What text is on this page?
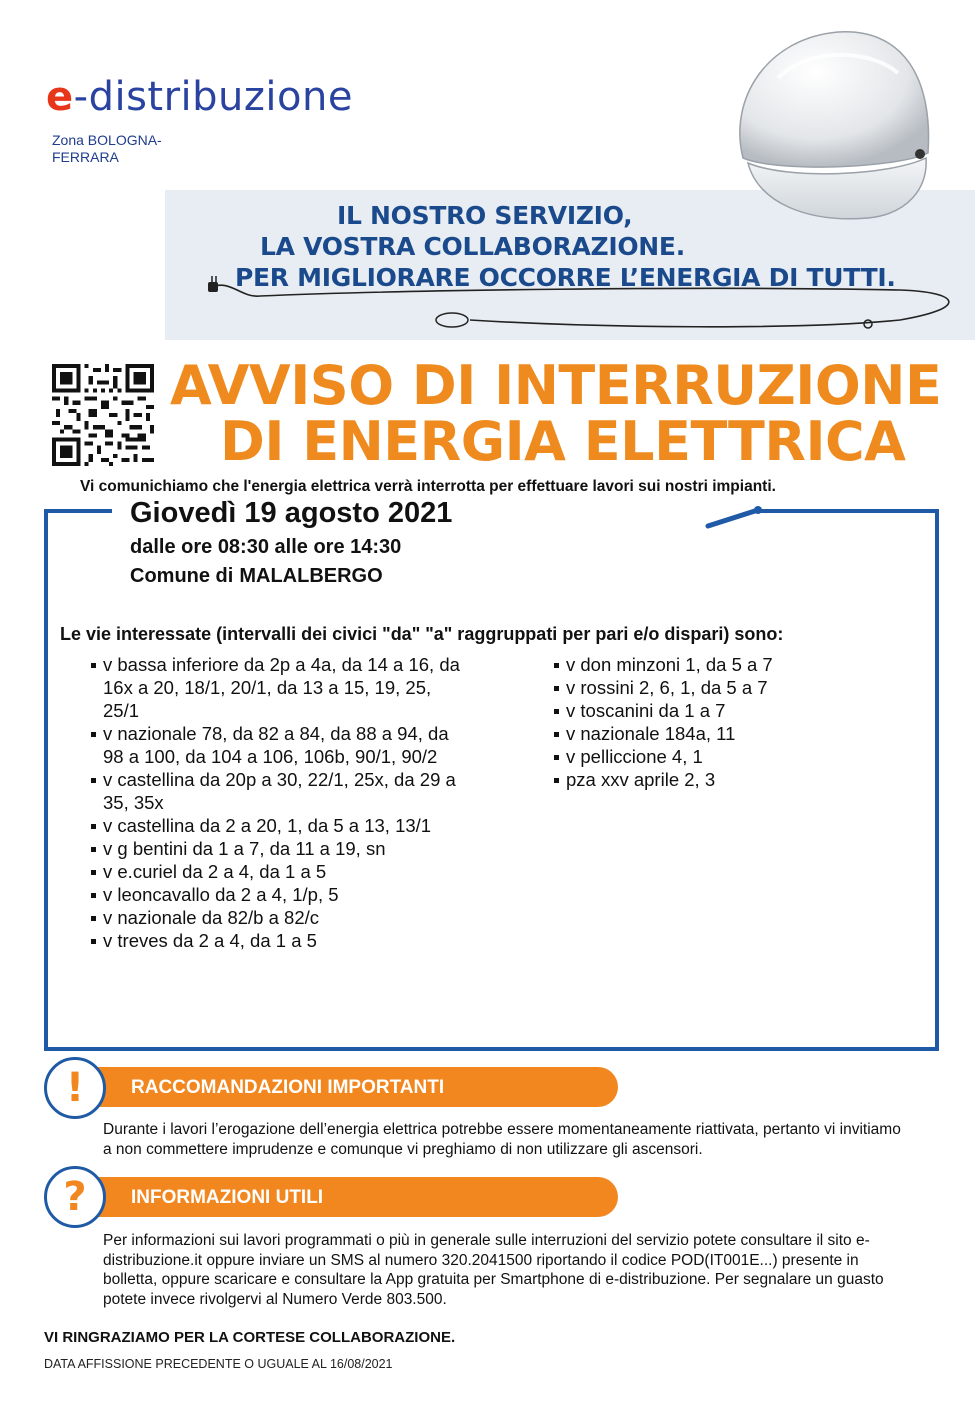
e-distribuzione
Zona BOLOGNA-FERRARA
IL NOSTRO SERVIZIO,
LA VOSTRA COLLABORAZIONE.
PER MIGLIORARE OCCORRE L’ENERGIA DI TUTTI.
AVVISO DI INTERRUZIONE
DI ENERGIA ELETTRICA
Vi comunichiamo che l'energia elettrica verrà interrotta per effettuare lavori sui nostri impianti.
Giovedì 19 agosto 2021
dalle ore 08:30 alle ore 14:30
Comune di MALALBERGO
Le vie interessate (intervalli dei civici "da" "a" raggruppati per pari e/o dispari) sono:
v bassa inferiore da 2p a 4a, da 14 a 16, da 16x a 20, 18/1, 20/1, da 13 a 15, 19, 25, 25/1
v nazionale 78, da 82 a 84, da 88 a 94, da 98 a 100, da 104 a 106, 106b, 90/1, 90/2
v castellina da 20p a 30, 22/1, 25x, da 29 a 35, 35x
v castellina da 2 a 20, 1, da 5 a 13, 13/1
v g bentini da 1 a 7, da 11 a 19, sn
v e.curiel da 2 a 4, da 1 a 5
v leoncavallo da 2 a 4, 1/p, 5
v nazionale da 82/b a 82/c
v treves da 2 a 4, da 1 a 5
v don minzoni 1, da 5 a 7
v rossini 2, 6, 1, da 5 a 7
v toscanini da 1 a 7
v nazionale 184a, 11
v pelliccione 4, 1
pza xxv aprile 2, 3
!	RACCOMANDAZIONI IMPORTANTI
Durante i lavori l’erogazione dell’energia elettrica potrebbe essere momentaneamente riattivata, pertanto vi invitiamo a non commettere imprudenze e comunque vi preghiamo di non utilizzare gli ascensori.
?	INFORMAZIONI UTILI
Per informazioni sui lavori programmati o più in generale sulle interruzioni del servizio potete consultare il sito e-distribuzione.it oppure inviare un SMS al numero 320.2041500 riportando il codice POD(IT001E...) presente in bolletta, oppure scaricare e consultare la App gratuita per Smartphone di e-distribuzione. Per segnalare un guasto potete invece rivolgervi al Numero Verde 803.500.
VI RINGRAZIAMO PER LA CORTESE COLLABORAZIONE.
DATA AFFISSIONE PRECEDENTE O UGUALE AL 16/08/2021
